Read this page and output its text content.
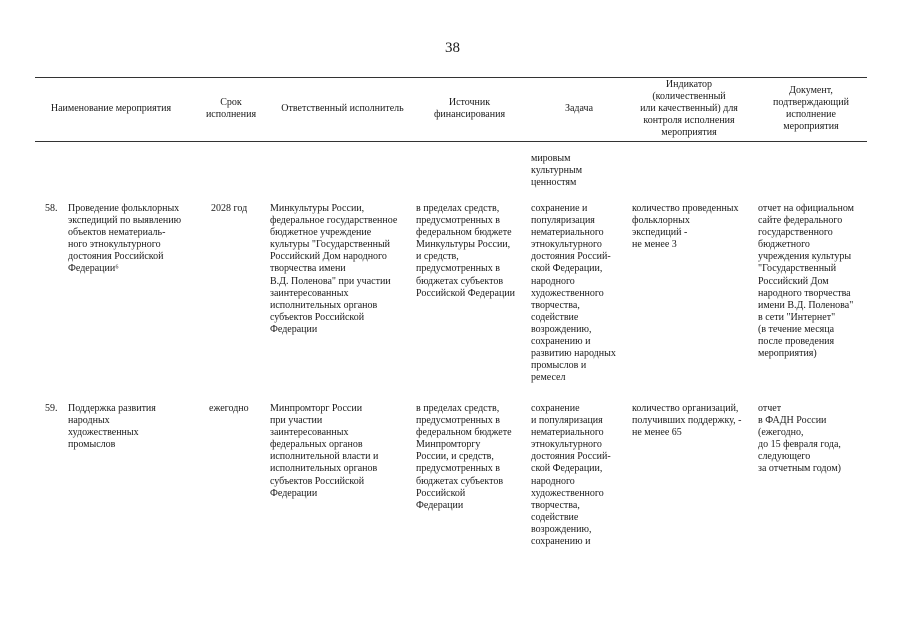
38
Наименование мероприятия
Срок
исполнения
Ответственный исполнитель
Источник
финансирования
Задача
Индикатор
(количественный
или качественный) для
контроля исполнения
мероприятия
Документ,
подтверждающий
исполнение
мероприятия
мировым
культурным
ценностям
58. Проведение фольклорных
экспедиций по выявлению
объектов нематериаль-
ного этнокультурного
достояния Российской
Федерации⁶
2028 год	Минкультуры России,
федеральное государственное
бюджетное учреждение
культуры "Государственный
Российский Дом народного
творчества имени
В.Д. Поленова" при участии
заинтересованных
исполнительных органов
субъектов Российской
Федерации
в пределах средств,
предусмотренных в
федеральном бюджете
Минкультуры России,
и средств,
предусмотренных в
бюджетах субъектов
Российской Федерации
сохранение и
популяризация
нематериального
этнокультурного
достояния Россий-
ской Федерации,
народного
художественного
творчества,
содействие
возрождению,
сохранению и
развитию народных
промыслов и
ремесел
количество проведенных
фольклорных
экспедиций -
не менее 3
отчет на официальном
сайте федерального
государственного
бюджетного
учреждения культуры
"Государственный
Российский Дом
народного творчества
имени В.Д. Поленова"
в сети "Интернет"
(в течение месяца
после проведения
мероприятия)
59. Поддержка развития
народных
художественных
промыслов
ежегодно	Минпромторг России
при участии
заинтересованных
федеральных органов
исполнительной власти и
исполнительных органов
субъектов Российской
Федерации
в пределах средств,
предусмотренных в
федеральном бюджете
Минпромторгу
России, и средств,
предусмотренных в
бюджетах субъектов
Российской
Федерации
сохранение
и популяризация
нематериального
этнокультурного
достояния Россий-
ской Федерации,
народного
художественного
творчества,
содействие
возрождению,
сохранению и
количество организаций,
получивших поддержку, -
не менее 65
отчет
в ФАДН России
(ежегодно,
до 15 февраля года,
следующего
за отчетным годом)
